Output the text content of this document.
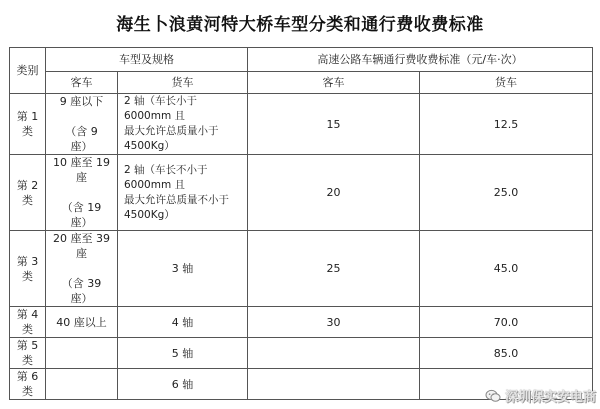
海生卜浪黄河特大桥车型分类和通行费收费标准
类别	车型及规格		高速公路车辆通行费收费标准（元/车·次）	
	客车	货车	客车	货车
第 1
类	9 座以下

（含 9
座）	2 轴（车长小于 6000mm 且
最大允许总质量小于
4500Kg）	15	12.5
第 2
类	10 座至 19
座

（含 19
座）	2 轴（车长不小于 6000mm 且
最大允许总质量不小于
4500Kg）	20	25.0
第 3
类	20 座至 39
座

（含 39
座）	3 轴	25	45.0
第 4
类	40 座以上	4 轴	30	70.0
第 5
类		5 轴		85.0
第 6
类		6 轴		
深圳保实安电商
